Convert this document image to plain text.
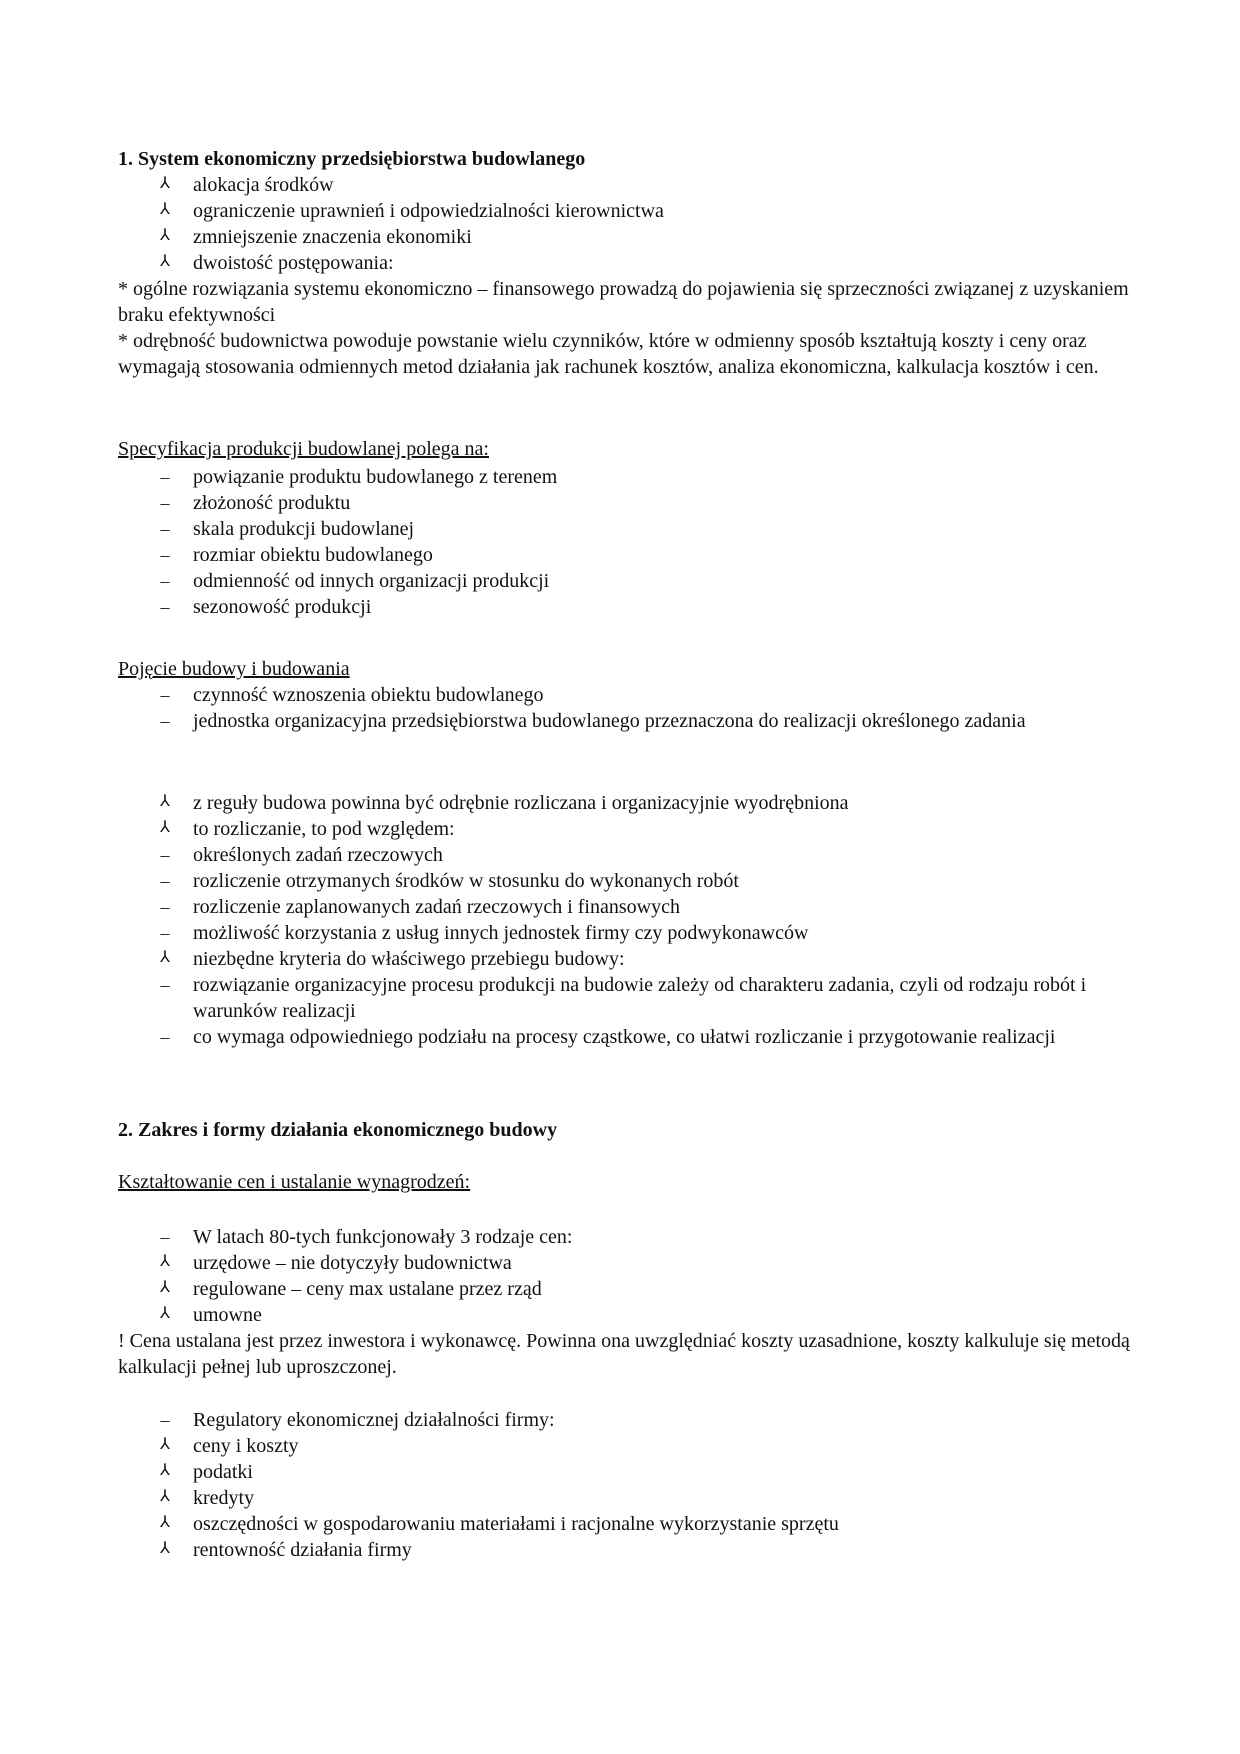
1. System ekonomiczny przedsiębiorstwa budowlanego
⅄	alokacja środków
⅄	ograniczenie uprawnień i odpowiedzialności kierownictwa
⅄	zmniejszenie znaczenia ekonomiki
⅄	dwoistość postępowania:
* ogólne rozwiązania systemu ekonomiczno – finansowego prowadzą do pojawienia się sprzeczności związanej z uzyskaniem braku efektywności
* odrębność budownictwa powoduje powstanie wielu czynników, które w odmienny sposób kształtują koszty i ceny oraz wymagają stosowania odmiennych metod działania jak rachunek kosztów, analiza ekonomiczna, kalkulacja kosztów i cen.
Specyfikacja produkcji budowlanej polega na:
–	powiązanie produktu budowlanego z terenem
–	złożoność produktu
–	skala produkcji budowlanej
–	rozmiar obiektu budowlanego
–	odmienność od innych organizacji produkcji
–	sezonowość produkcji
Pojęcie budowy i budowania
–	czynność wznoszenia obiektu budowlanego
–	jednostka organizacyjna przedsiębiorstwa budowlanego przeznaczona do realizacji określonego zadania
⅄	z reguły budowa powinna być odrębnie rozliczana i organizacyjnie wyodrębniona
⅄	to rozliczanie, to pod względem:
–	określonych zadań rzeczowych
–	rozliczenie otrzymanych środków w stosunku do wykonanych robót
–	rozliczenie zaplanowanych zadań rzeczowych i finansowych
–	możliwość korzystania z usług innych jednostek firmy czy podwykonawców
⅄	niezbędne kryteria do właściwego przebiegu budowy:
–	rozwiązanie organizacyjne procesu produkcji na budowie zależy od charakteru zadania, czyli od rodzaju robót i warunków realizacji
–	co wymaga odpowiedniego podziału na procesy cząstkowe, co ułatwi rozliczanie i przygotowanie realizacji
2. Zakres i formy działania ekonomicznego budowy
Kształtowanie cen i ustalanie wynagrodzeń:
–	W latach 80-tych funkcjonowały 3 rodzaje cen:
⅄	urzędowe – nie dotyczyły budownictwa
⅄	regulowane – ceny max ustalane przez rząd
⅄	umowne
! Cena ustalana jest przez inwestora i wykonawcę. Powinna ona uwzględniać koszty uzasadnione, koszty kalkuluje się metodą kalkulacji pełnej lub uproszczonej.
–	Regulatory ekonomicznej działalności firmy:
⅄	ceny i koszty
⅄	podatki
⅄	kredyty
⅄	oszczędności w gospodarowaniu materiałami i racjonalne wykorzystanie sprzętu
⅄	rentowność działania firmy
